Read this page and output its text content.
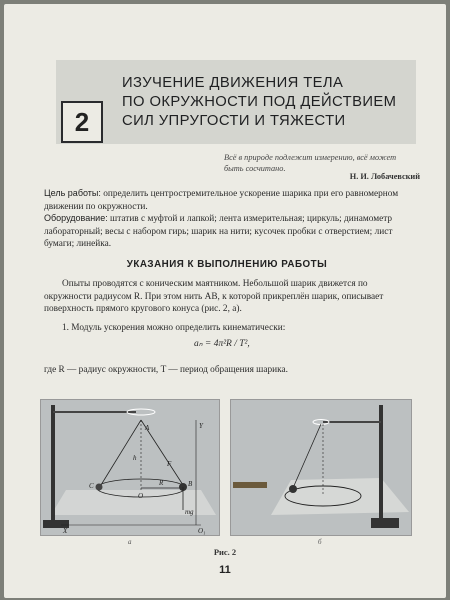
2
ИЗУЧЕНИЕ ДВИЖЕНИЯ ТЕЛА
ПО ОКРУЖНОСТИ ПОД ДЕЙСТВИЕМ
СИЛ УПРУГОСТИ И ТЯЖЕСТИ
Всё в природе подлежит измерению, всё может
быть сосчитано.
Н. И. Лобачевский
Цель работы: определить центростремительное ускорение шарика при его равномерном движении по окружности.
Оборудование: штатив с муфтой и лапкой; лента измерительная; циркуль; динамометр лабораторный; весы с набором гирь; шарик на нити; кусочек пробки с отверстием; лист бумаги; линейка.
УКАЗАНИЯ К ВЫПОЛНЕНИЮ РАБОТЫ
Опыты проводятся с коническим маятником. Небольшой шарик движется по окружности радиусом R. При этом нить AB, к которой прикреплён шарик, описывает поверхность прямого кругового конуса (рис. 2, а).
1. Модуль ускорения можно определить кинематически:
aₙ = 4π²R / T²,
где R — радиус окружности, T — период обращения шарика.
A
B
C
O
R
h
Y
X	O₁
F
mg
а	б
Рис. 2
11
